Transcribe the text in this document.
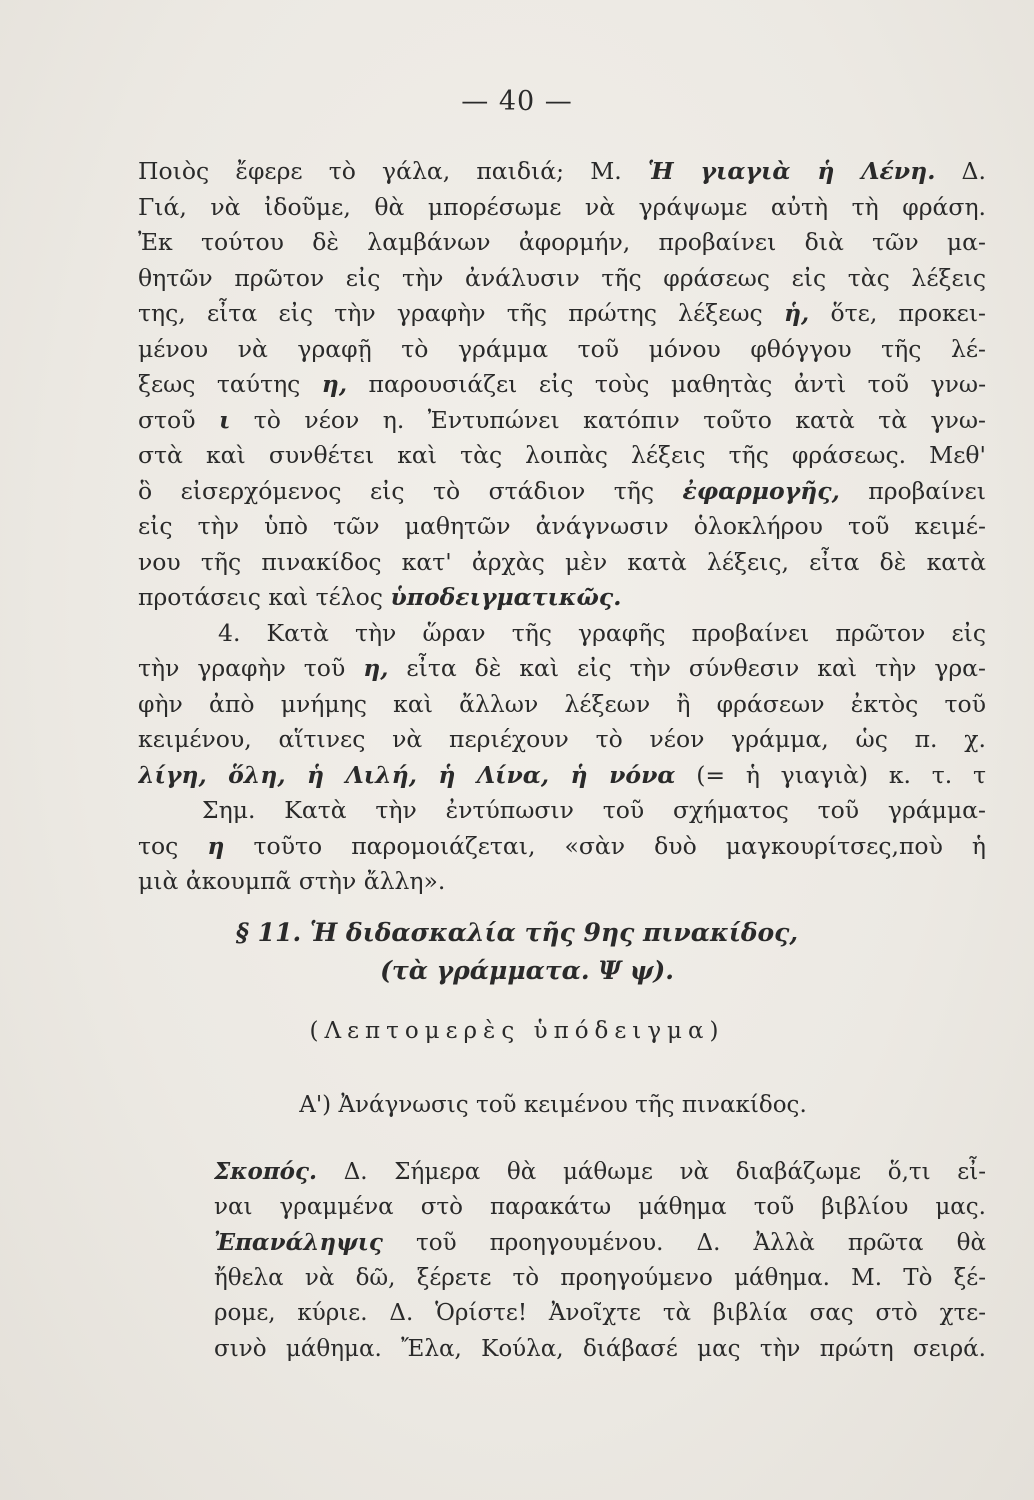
— 40 —
Ποιὸς ἔφερε τὸ γάλα, παιδιά; Μ. Ἡ γιαγιὰ ἡ Λένη. Δ.
Γιά, νὰ ἰδοῦμε, θὰ μπορέσωμε νὰ γράψωμε αὐτὴ τὴ φράση.
Ἐκ τούτου δὲ λαμβάνων ἀφορμήν, προβαίνει διὰ τῶν μα-
θητῶν πρῶτον εἰς τὴν ἀνάλυσιν τῆς φράσεως εἰς τὰς λέξεις
της, εἶτα εἰς τὴν γραφὴν τῆς πρώτης λέξεως ἡ, ὅτε, προκει-
μένου νὰ γραφῇ τὸ γράμμα τοῦ μόνου φθόγγου τῆς λέ-
ξεως ταύτης η, παρουσιάζει εἰς τοὺς μαθητὰς ἀντὶ τοῦ γνω-
στοῦ ι τὸ νέον η. Ἐντυπώνει κατόπιν τοῦτο κατὰ τὰ γνω-
στὰ καὶ συνθέτει καὶ τὰς λοιπὰς λέξεις τῆς φράσεως. Μεθ'
ὃ εἰσερχόμενος εἰς τὸ στάδιον τῆς ἐφαρμογῆς, προβαίνει
εἰς τὴν ὑπὸ τῶν μαθητῶν ἀνάγνωσιν ὁλοκλήρου τοῦ κειμέ-
νου τῆς πινακίδος κατ' ἀρχὰς μὲν κατὰ λέξεις, εἶτα δὲ κατὰ
προτάσεις καὶ τέλος ὑποδειγματικῶς.
4. Κατὰ τὴν ὥραν τῆς γραφῆς προβαίνει πρῶτον εἰς
τὴν γραφὴν τοῦ η, εἶτα δὲ καὶ εἰς τὴν σύνθεσιν καὶ τὴν γρα-
φὴν ἀπὸ μνήμης καὶ ἄλλων λέξεων ἢ φράσεων ἐκτὸς τοῦ
κειμένου, αἵτινες νὰ περιέχουν τὸ νέον γράμμα, ὡς π. χ.
λίγη, ὅλη, ἡ Λιλή, ἡ Λίνα, ἡ νόνα (= ἡ γιαγιὰ) κ. τ. τ
Σημ. Κατὰ τὴν ἐντύπωσιν τοῦ σχήματος τοῦ γράμμα-
τος η τοῦτο παρομοιάζεται, «σὰν δυὸ μαγκουρίτσες,ποὺ ἡ
μιὰ ἀκουμπᾶ στὴν ἄλλη».
§ 11. Ἡ διδασκαλία τῆς 9ης πινακίδος,
(τὰ γράμματα. Ψ ψ).
(Λεπτομερὲς ὑπόδειγμα)
Α') Ἀνάγνωσις τοῦ κειμένου τῆς πινακίδος.
Σκοπός. Δ. Σήμερα θὰ μάθωμε νὰ διαβάζωμε ὅ,τι εἶ-
ναι γραμμένα στὸ παρακάτω μάθημα τοῦ βιβλίου μας.
Ἐπανάληψις τοῦ προηγουμένου. Δ. Ἀλλὰ πρῶτα θὰ
ἤθελα νὰ δῶ, ξέρετε τὸ προηγούμενο μάθημα. Μ. Τὸ ξέ-
ρομε, κύριε. Δ. Ὁρίστε! Ἀνοῖχτε τὰ βιβλία σας στὸ χτε-
σινὸ μάθημα. Ἔλα, Κούλα, διάβασέ μας τὴν πρώτη σειρά.
